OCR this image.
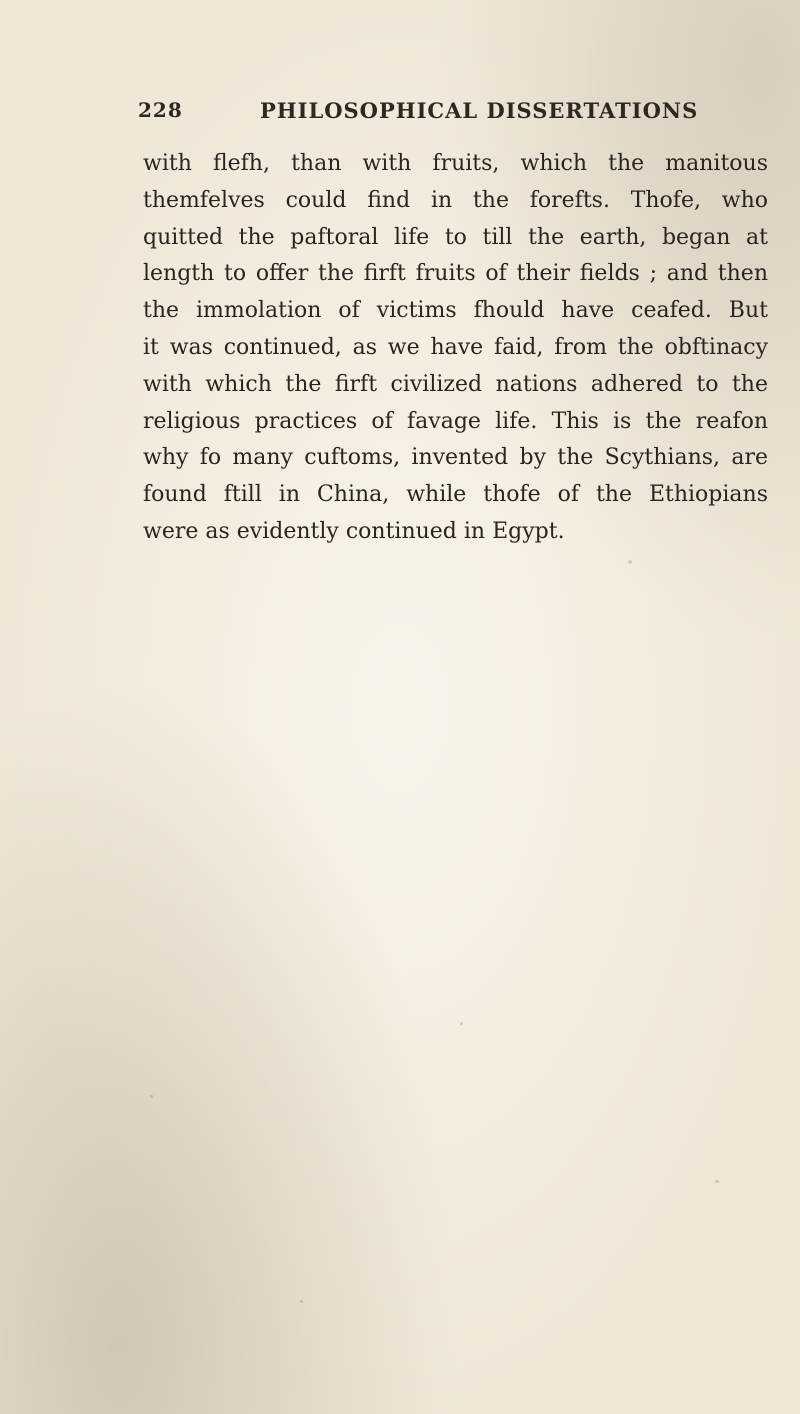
228	PHILOSOPHICAL DISSERTATIONS
with flefh, than with fruits, which the manitous
themfelves could find in the forefts. Thofe, who
quitted the paftoral life to till the earth, began at
length to offer the firft fruits of their fields ; and then
the immolation of victims fhould have ceafed. But
it was continued, as we have faid, from the obftinacy
with which the firft civilized nations adhered to the
religious practices of favage life. This is the reafon
why fo many cuftoms, invented by the Scythians, are
found ftill in China, while thofe of the Ethiopians
were as evidently continued in Egypt.
